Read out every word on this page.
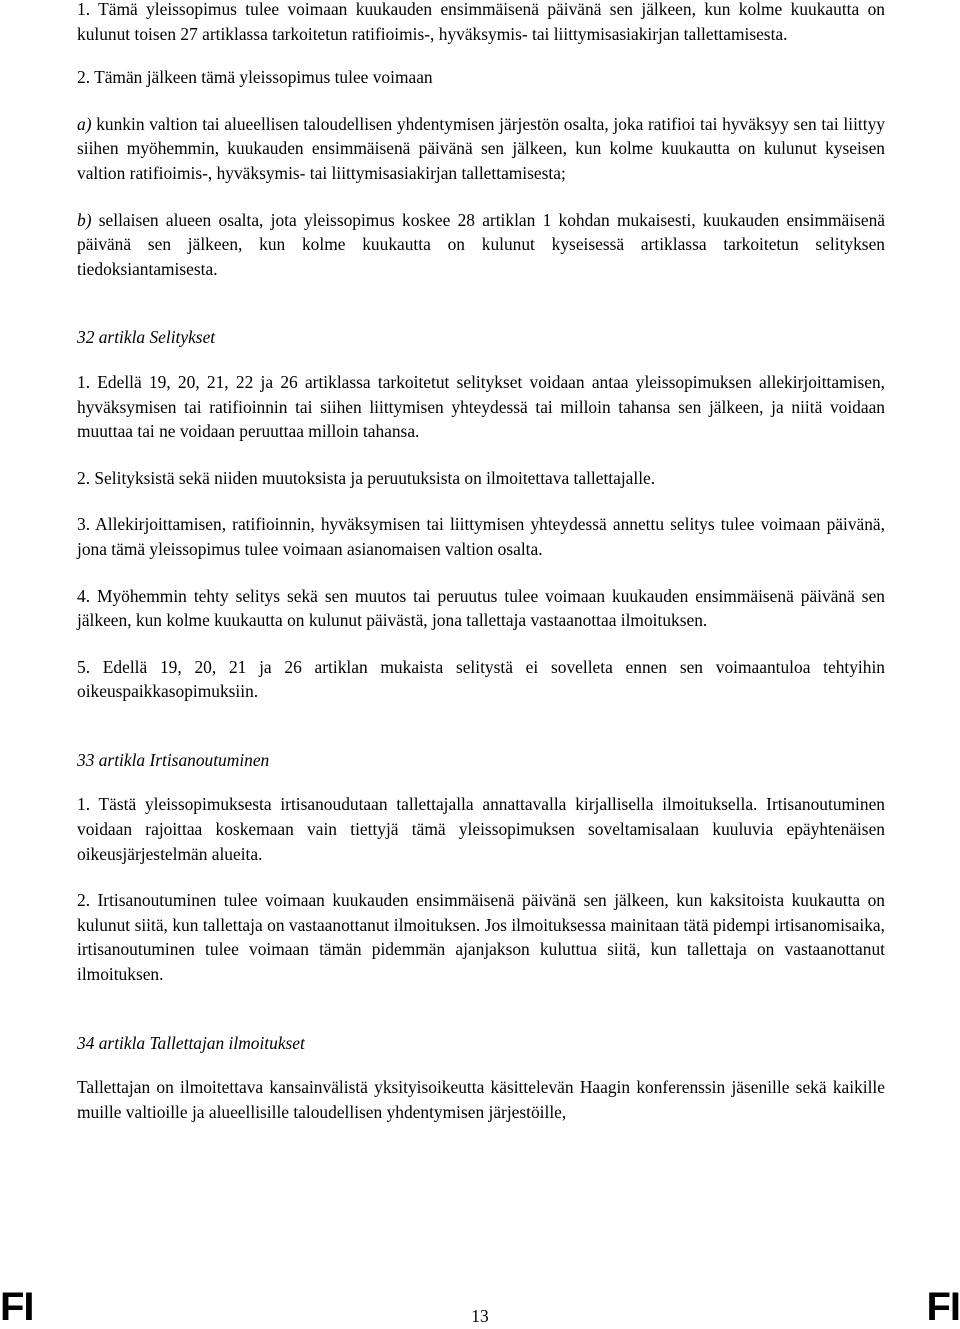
1. Tämä yleissopimus tulee voimaan kuukauden ensimmäisenä päivänä sen jälkeen, kun kolme kuukautta on kulunut toisen 27 artiklassa tarkoitetun ratifioimis-, hyväksymis- tai liittymisasiakirjan tallettamisesta.

2. Tämän jälkeen tämä yleissopimus tulee voimaan

a) kunkin valtion tai alueellisen taloudellisen yhdentymisen järjestön osalta, joka ratifioi tai hyväksyy sen tai liittyy siihen myöhemmin, kuukauden ensimmäisenä päivänä sen jälkeen, kun kolme kuukautta on kulunut kyseisen valtion ratifioimis-, hyväksymis- tai liittymisasiakirjan tallettamisesta;

b) sellaisen alueen osalta, jota yleissopimus koskee 28 artiklan 1 kohdan mukaisesti, kuukauden ensimmäisenä päivänä sen jälkeen, kun kolme kuukautta on kulunut kyseisessä artiklassa tarkoitetun selityksen tiedoksiantamisesta.

32 artikla Selitykset

1. Edellä 19, 20, 21, 22 ja 26 artiklassa tarkoitetut selitykset voidaan antaa yleissopimuksen allekirjoittamisen, hyväksymisen tai ratifioinnin tai siihen liittymisen yhteydessä tai milloin tahansa sen jälkeen, ja niitä voidaan muuttaa tai ne voidaan peruuttaa milloin tahansa.

2. Selityksistä sekä niiden muutoksista ja peruutuksista on ilmoitettava tallettajalle.

3. Allekirjoittamisen, ratifioinnin, hyväksymisen tai liittymisen yhteydessä annettu selitys tulee voimaan päivänä, jona tämä yleissopimus tulee voimaan asianomaisen valtion osalta.

4. Myöhemmin tehty selitys sekä sen muutos tai peruutus tulee voimaan kuukauden ensimmäisenä päivänä sen jälkeen, kun kolme kuukautta on kulunut päivästä, jona tallettaja vastaanottaa ilmoituksen.

5. Edellä 19, 20, 21 ja 26 artiklan mukaista selitystä ei sovelleta ennen sen voimaantuloa tehtyihin oikeuspaikkasopimuksiin.

33 artikla Irtisanoutuminen

1. Tästä yleissopimuksesta irtisanoudutaan tallettajalla annattavalla kirjallisella ilmoituksella. Irtisanoutuminen voidaan rajoittaa koskemaan vain tiettyjä tämä yleissopimuksen soveltamisalaan kuuluvia epäyhtenäisen oikeusjärjestelmän alueita.

2. Irtisanoutuminen tulee voimaan kuukauden ensimmäisenä päivänä sen jälkeen, kun kaksitoista kuukautta on kulunut siitä, kun tallettaja on vastaanottanut ilmoituksen. Jos ilmoituksessa mainitaan tätä pidempi irtisanomisaika, irtisanoutuminen tulee voimaan tämän pidemmän ajanjakson kuluttua siitä, kun tallettaja on vastaanottanut ilmoituksen.

34 artikla Tallettajan ilmoitukset

Tallettajan on ilmoitettava kansainvälistä yksityisoikeutta käsittelevän Haagin konferenssin jäsenille sekä kaikille muille valtioille ja alueellisille taloudellisen yhdentymisen järjestöille,

FI	13	FI
